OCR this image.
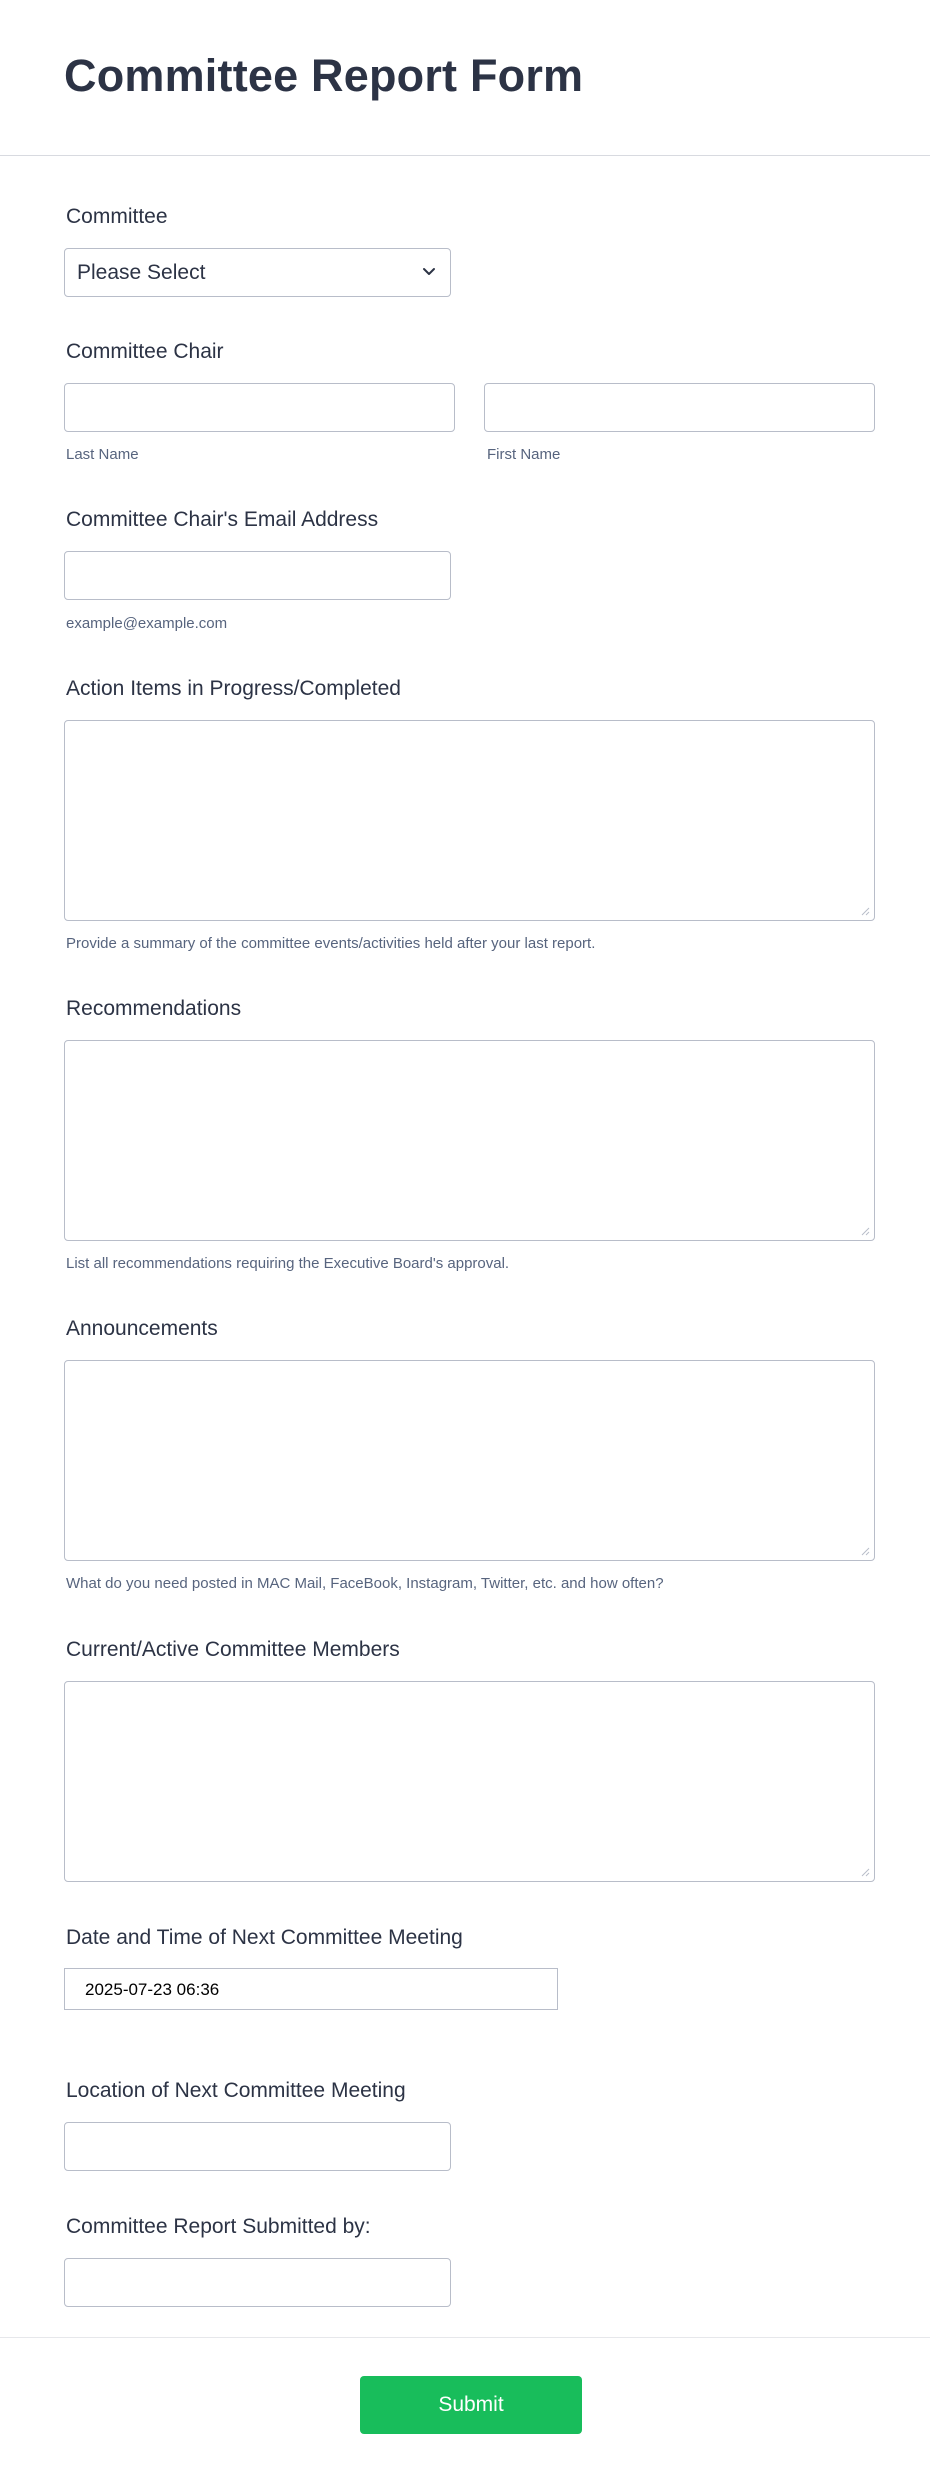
Committee Report Form
Committee
Please Select
Committee Chair
Last Name	First Name
Committee Chair's Email Address
example@example.com
Action Items in Progress/Completed
Provide a summary of the committee events/activities held after your last report.
Recommendations
List all recommendations requiring the Executive Board's approval.
Announcements
What do you need posted in MAC Mail, FaceBook, Instagram, Twitter, etc. and how often?
Current/Active Committee Members
Date and Time of Next Committee Meeting
2025-07-23 06:36
Location of Next Committee Meeting
Committee Report Submitted by:
Submit
